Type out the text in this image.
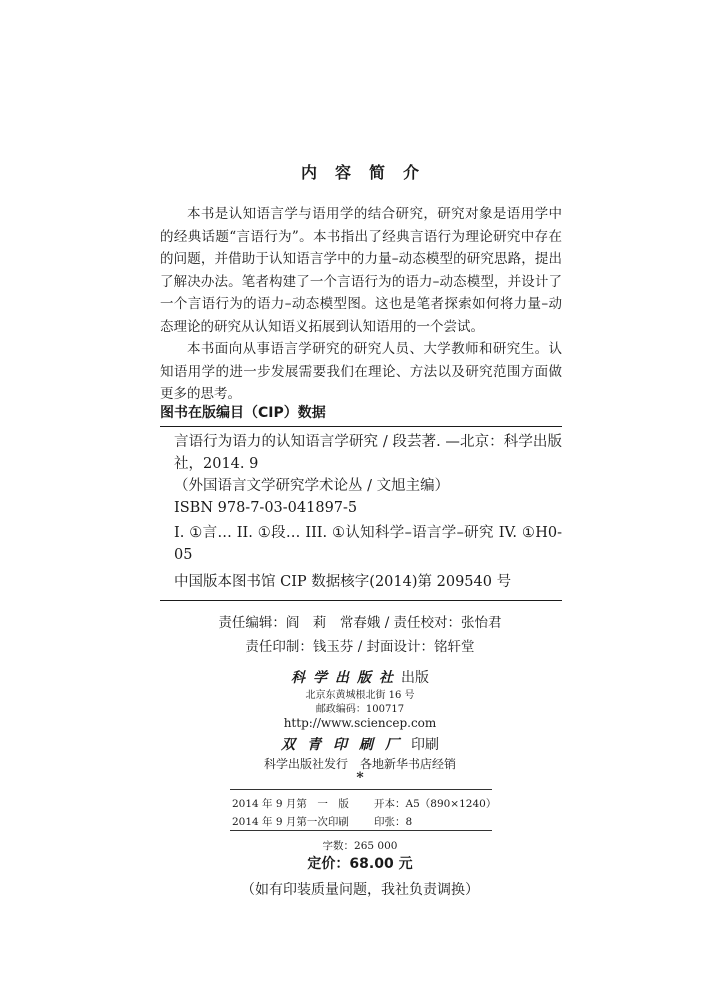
内容简介

本书是认知语言学与语用学的结合研究，研究对象是语用学中的经典话题“言语行为”。本书指出了经典言语行为理论研究中存在的问题，并借助于认知语言学中的力量–动态模型的研究思路，提出了解决办法。笔者构建了一个言语行为的语力–动态模型，并设计了一个言语行为的语力–动态模型图。这也是笔者探索如何将力量–动态理论的研究从认知语义拓展到认知语用的一个尝试。

本书面向从事语言学研究的研究人员、大学教师和研究生。认知语用学的进一步发展需要我们在理论、方法以及研究范围方面做更多的思考。

图书在版编目（CIP）数据

言语行为语力的认知语言学研究 / 段芸著. —北京：科学出版社，2014. 9

（外国语言文学研究学术论丛 / 文旭主编）

ISBN 978-7-03-041897-5

I. ①言… II. ①段… III. ①认知科学–语言学–研究 IV. ①H0-05

中国版本图书馆 CIP 数据核字(2014)第 209540 号

责任编辑：阎　莉　常春娥 / 责任校对：张怡君
责任印制：钱玉芬 / 封面设计：铭轩堂
科学出版社出版
北京东黄城根北街 16 号
邮政编码：100717
http://www.sciencep.com
双青印刷厂印刷
科学出版社发行　各地新华书店经销
*
2014 年 9 月第　一　版 开本：A5（890×1240）
2014 年 9 月第一次印刷 印张：8
字数：265 000
定价：68.00 元
（如有印装质量问题，我社负责调换）
